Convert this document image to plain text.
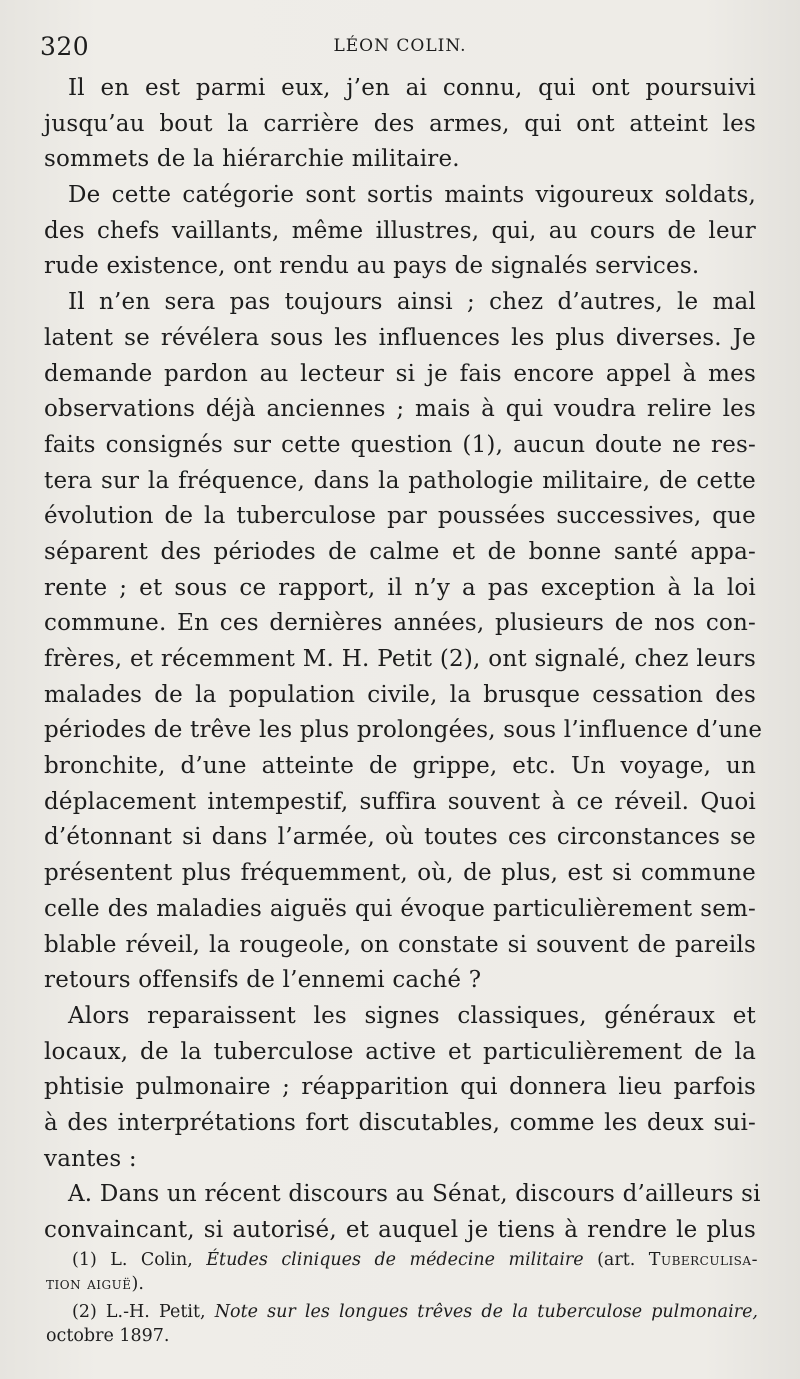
320	LÉON COLIN.
Il en est parmi eux, j’en ai connu, qui ont poursuivi
jusqu’au bout la carrière des armes, qui ont atteint les
sommets de la hiérarchie militaire.
De cette catégorie sont sortis maints vigoureux soldats,
des chefs vaillants, même illustres, qui, au cours de leur
rude existence, ont rendu au pays de signalés services.
Il n’en sera pas toujours ainsi ; chez d’autres, le mal
latent se révélera sous les influences les plus diverses. Je
demande pardon au lecteur si je fais encore appel à mes
observations déjà anciennes ; mais à qui voudra relire les
faits consignés sur cette question (1), aucun doute ne res-
tera sur la fréquence, dans la pathologie militaire, de cette
évolution de la tuberculose par poussées successives, que
séparent des périodes de calme et de bonne santé appa-
rente ; et sous ce rapport, il n’y a pas exception à la loi
commune. En ces dernières années, plusieurs de nos con-
frères, et récemment M. H. Petit (2), ont signalé, chez leurs
malades de la population civile, la brusque cessation des
périodes de trêve les plus prolongées, sous l’influence d’une
bronchite, d’une atteinte de grippe, etc. Un voyage, un
déplacement intempestif, suffira souvent à ce réveil. Quoi
d’étonnant si dans l’armée, où toutes ces circonstances se
présentent plus fréquemment, où, de plus, est si commune
celle des maladies aiguës qui évoque particulièrement sem-
blable réveil, la rougeole, on constate si souvent de pareils
retours offensifs de l’ennemi caché ?
Alors reparaissent les signes classiques, généraux et
locaux, de la tuberculose active et particulièrement de la
phtisie pulmonaire ; réapparition qui donnera lieu parfois
à des interprétations fort discutables, comme les deux sui-
vantes :
A. Dans un récent discours au Sénat, discours d’ailleurs si
convaincant, si autorisé, et auquel je tiens à rendre le plus
(1) L. Colin, Études cliniques de médecine militaire (art. Tuberculisa-
tion aiguë).
(2) L.-H. Petit, Note sur les longues trêves de la tuberculose pulmonaire,
octobre 1897.
